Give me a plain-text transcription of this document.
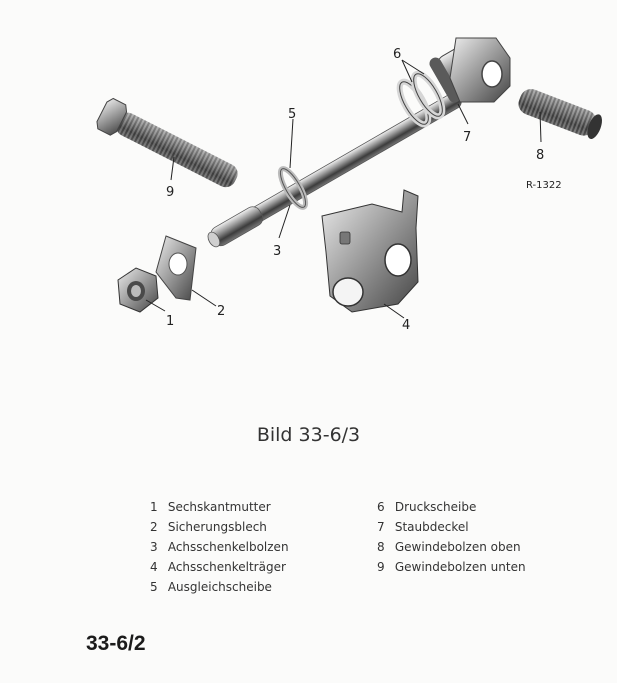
5
3
6
7
8
9
1
2
4
R-1322
Bild 33-6/3
1 Sechskantmutter
2 Sicherungsblech
3 Achsschenkelbolzen
4 Achsschenkelträger
5 Ausgleichscheibe
6 Druckscheibe
7 Staubdeckel
8 Gewindebolzen oben
9 Gewindebolzen unten
33-6/2
